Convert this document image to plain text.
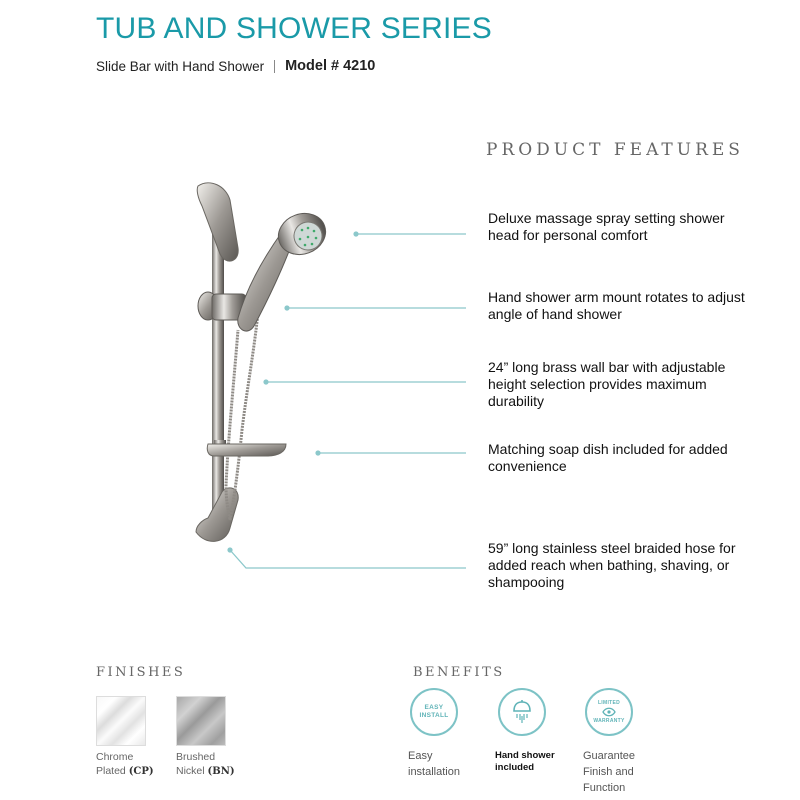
TUB AND SHOWER SERIES
Slide Bar with Hand Shower Model # 4210
PRODUCT FEATURES
Deluxe massage spray setting shower head for personal comfort
Hand shower arm mount rotates to adjust angle of hand shower
24” long brass wall bar with adjustable height selection provides maximum durability
Matching soap dish included for added convenience
59” long stainless steel braided hose for added reach when bathing, shaving, or shampooing
FINISHES
Chrome
Plated (CP)
Brushed
Nickel (BN)
BENEFITS
EASY
INSTALL
LIMITED
WARRANTY
Easy
installation
Hand shower
included
Guarantee
Finish and
Function
